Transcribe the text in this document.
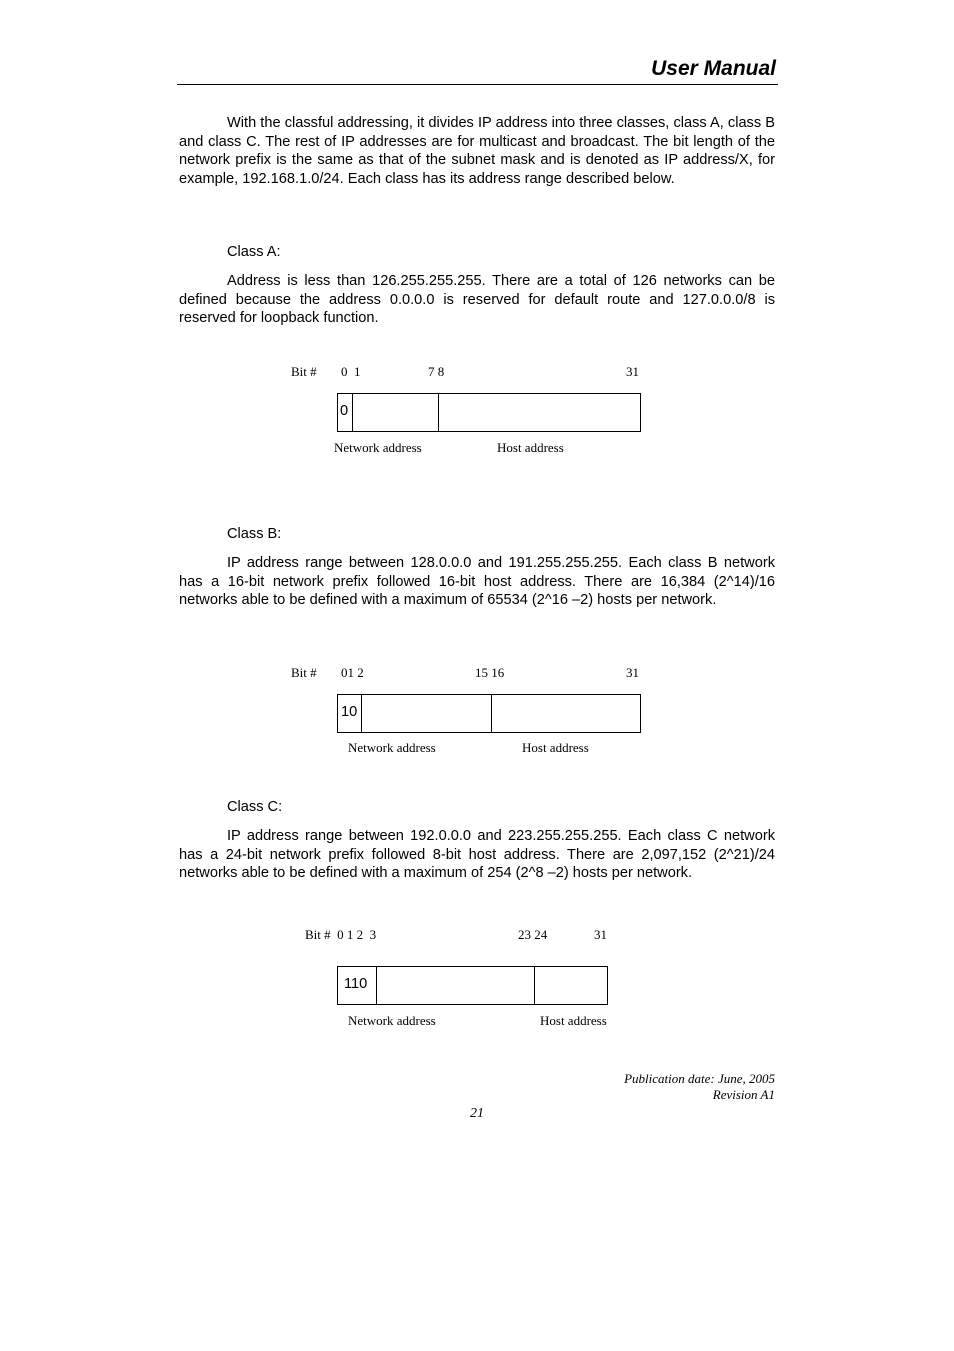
User Manual

With the classful addressing, it divides IP address into three classes, class A, class B and class C. The rest of IP addresses are for multicast and broadcast. The bit length of the network prefix is the same as that of the subnet mask and is denoted as IP address/X, for example, 192.168.1.0/24. Each class has its address range described below.

Class A:

Address is less than 126.255.255.255. There are a total of 126 networks can be defined because the address 0.0.0.0 is reserved for default route and 127.0.0.0/8 is reserved for loopback function.

Bit # 0  1	7 8	31
0
Network address	Host address

Class B:

IP address range between 128.0.0.0 and 191.255.255.255. Each class B network has a 16-bit network prefix followed 16-bit host address. There are 16,384 (2^14)/16 networks able to be defined with a maximum of 65534 (2^16 –2) hosts per network.

Bit # 01 2	15 16	31
10
Network address	Host address

Class C:

IP address range between 192.0.0.0 and 223.255.255.255. Each class C network has a 24-bit network prefix followed 8-bit host address. There are 2,097,152 (2^21)/24 networks able to be defined with a maximum of 254 (2^8 –2) hosts per network.

Bit #  0 1 2  3	23 24	31
110
Network address	Host address
Publication date: June, 2005
Revision A1
21
